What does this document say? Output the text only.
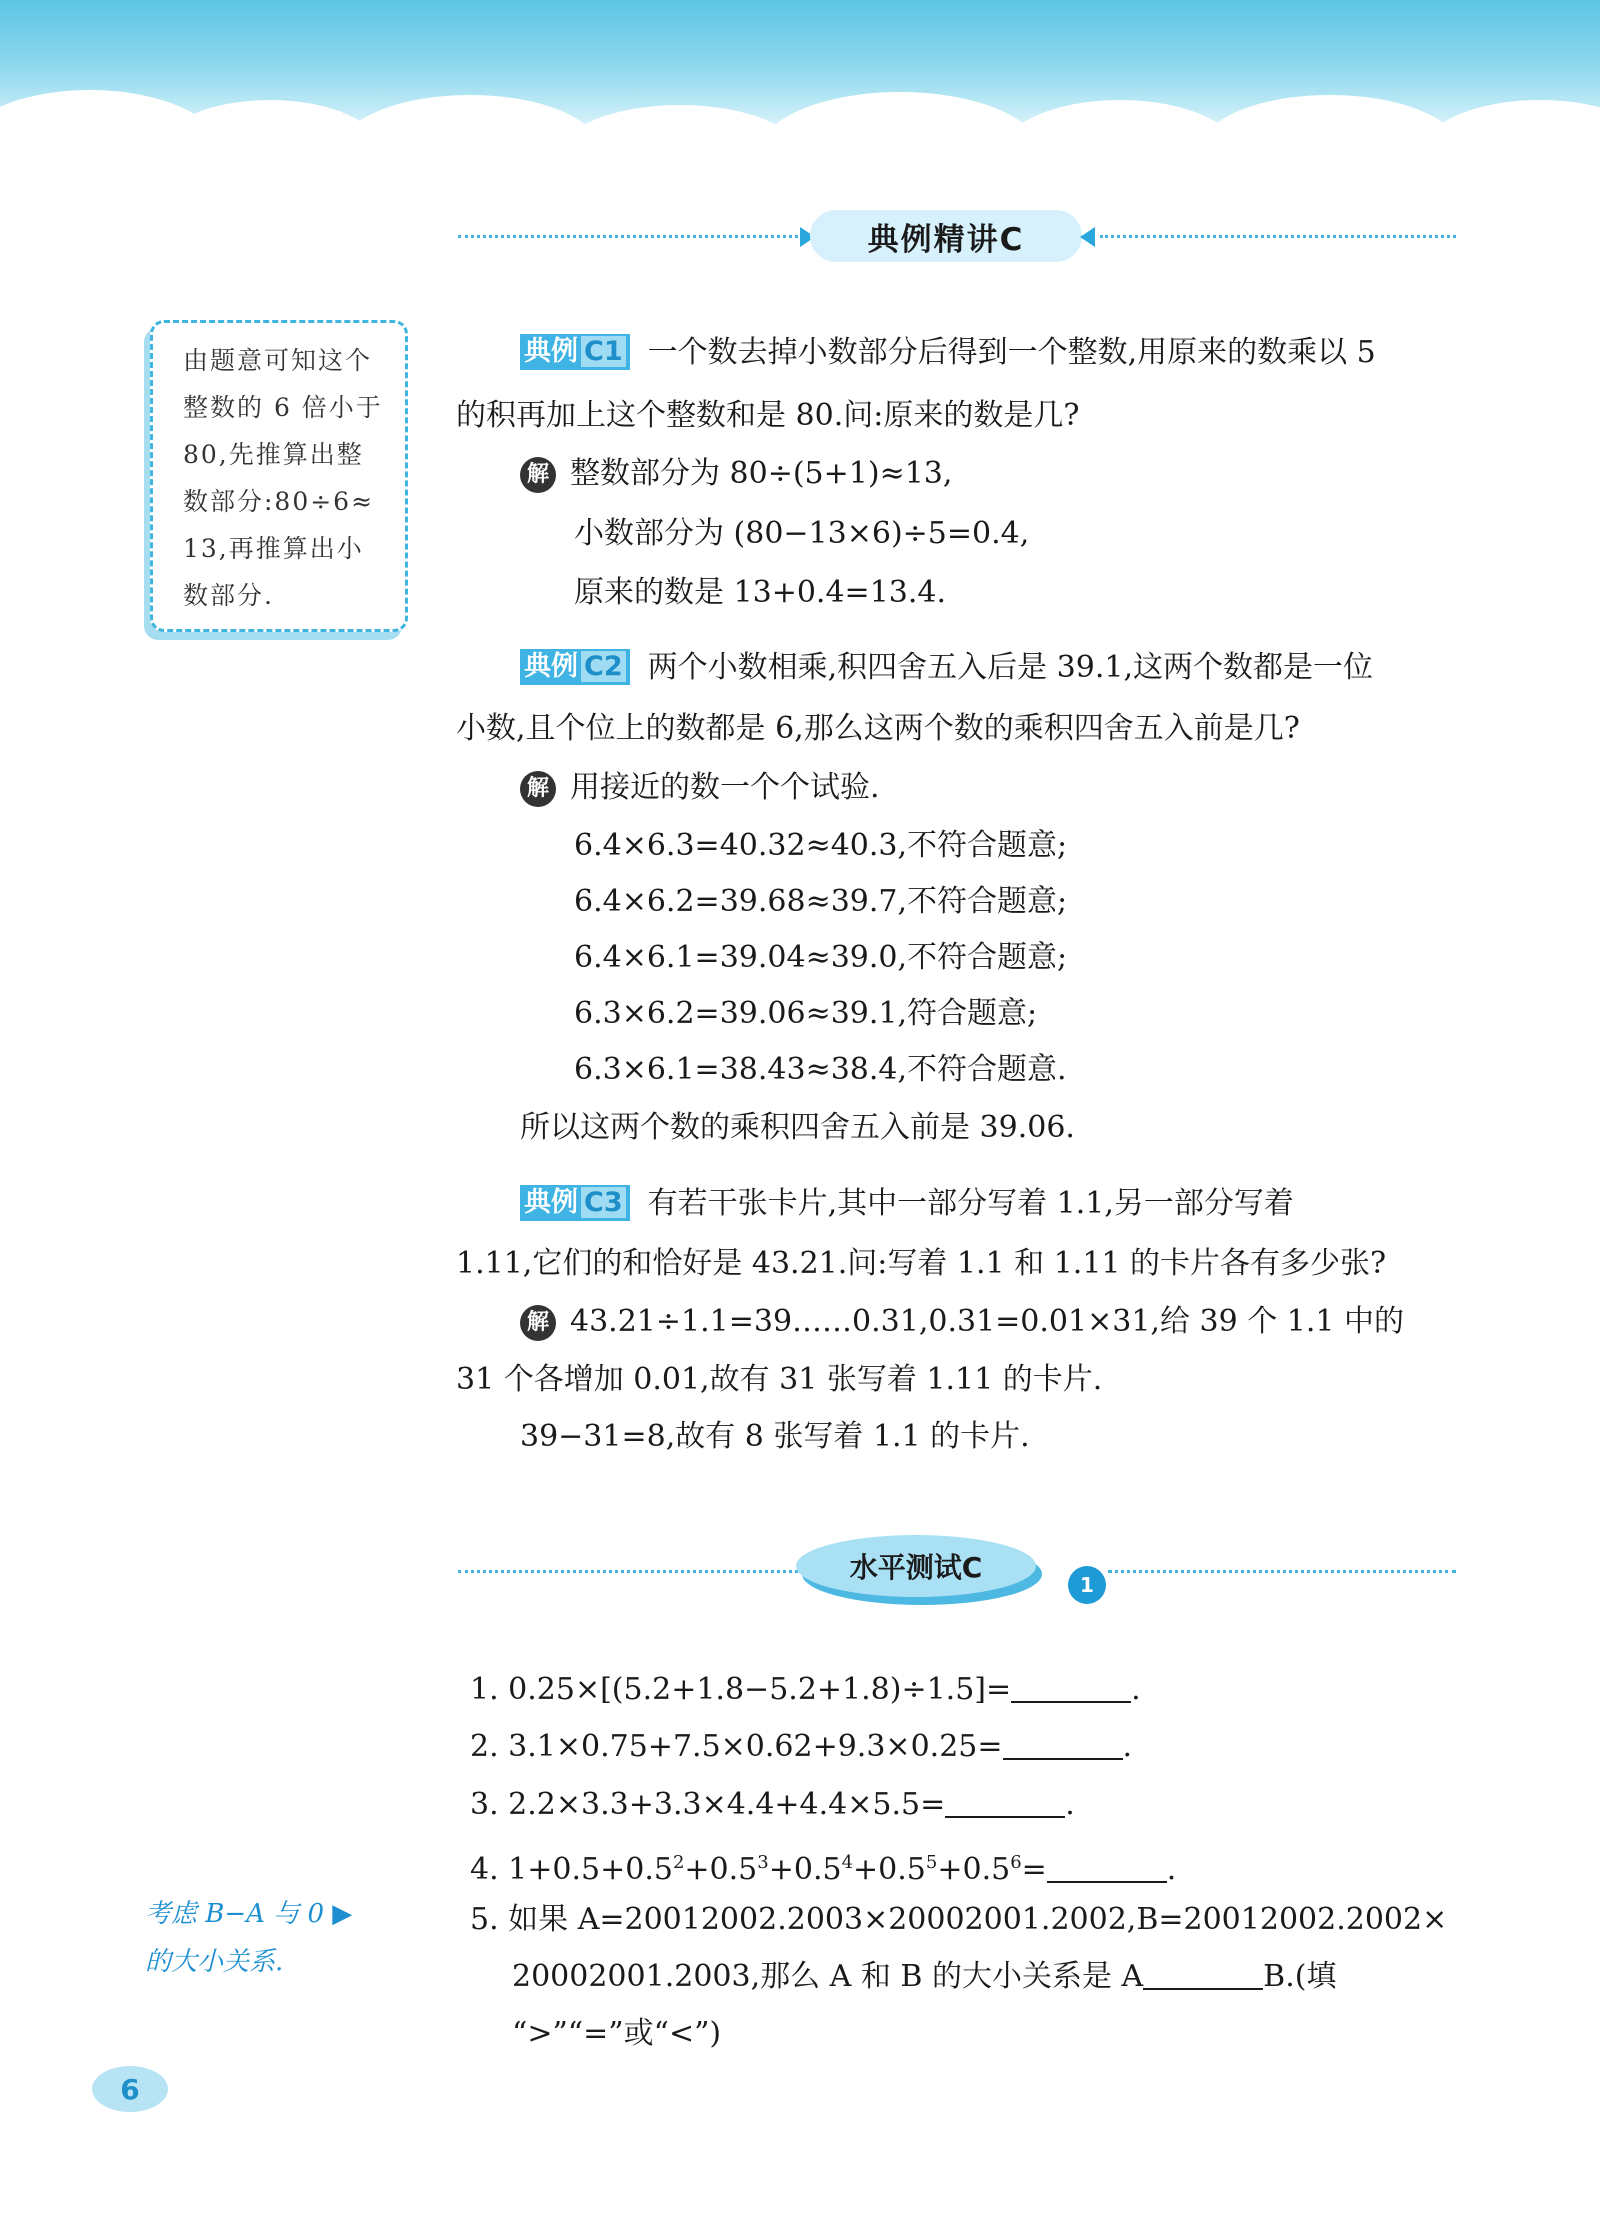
典例精讲C
由题意可知这个
整数的 6 倍小于
80,先推算出整
数部分:80÷6≈
13,再推算出小
数部分.
典例 C1 一个数去掉小数部分后得到一个整数,用原来的数乘以 5
的积再加上这个整数和是 80.问:原来的数是几?
解 整数部分为 80÷(5+1)≈13,
小数部分为 (80−13×6)÷5=0.4,
原来的数是 13+0.4=13.4.
典例 C2 两个小数相乘,积四舍五入后是 39.1,这两个数都是一位
小数,且个位上的数都是 6,那么这两个数的乘积四舍五入前是几?
解 用接近的数一个个试验.
6.4×6.3=40.32≈40.3,不符合题意;
6.4×6.2=39.68≈39.7,不符合题意;
6.4×6.1=39.04≈39.0,不符合题意;
6.3×6.2=39.06≈39.1,符合题意;
6.3×6.1=38.43≈38.4,不符合题意.
所以这两个数的乘积四舍五入前是 39.06.
典例 C3 有若干张卡片,其中一部分写着 1.1,另一部分写着
1.11,它们的和恰好是 43.21.问:写着 1.1 和 1.11 的卡片各有多少张?
解 43.21÷1.1=39……0.31,0.31=0.01×31,给 39 个 1.1 中的
31 个各增加 0.01,故有 31 张写着 1.11 的卡片.
39−31=8,故有 8 张写着 1.1 的卡片.
水平测试C
1
1. 0.25×[(5.2+1.8−5.2+1.8)÷1.5]=	.
2. 3.1×0.75+7.5×0.62+9.3×0.25=	.
3. 2.2×3.3+3.3×4.4+4.4×5.5=	.
4. $1+0.5+0.5^2+0.5^3+0.5^4+0.5^5+0.5^6=$	.
5. 如果 A=20012002.2003×20002001.2002,B=20012002.2002×
20002001.2003,那么 A 和 B 的大小关系是 A	B.(填
“>”“=”或“<”)
考虑 B−A 与 0 ▶
的大小关系.
6
